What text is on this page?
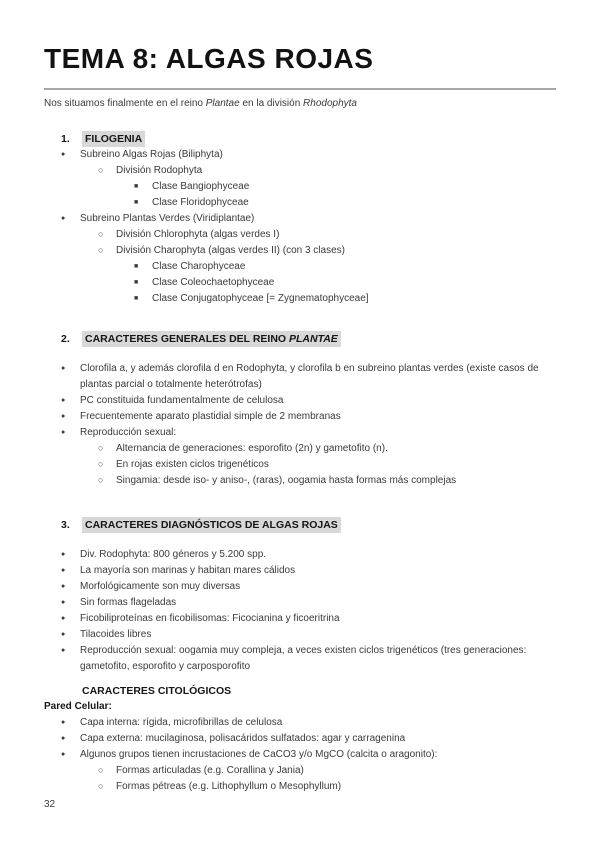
TEMA 8: ALGAS ROJAS

Nos situamos finalmente en el reino Plantae en la división Rhodophyta

1.	FILOGENIA
●
Subreino Algas Rojas (Biliphyta)
○
División Rodophyta
■
Clase Bangiophyceae
■
Clase Floridophyceae
●
Subreino Plantas Verdes (Viridiplantae)
○
División Chlorophyta (algas verdes I)
○
División Charophyta (algas verdes II) (con 3 clases)
■
Clase Charophyceae
■
Clase Coleochaetophyceae
■
Clase Conjugatophyceae [= Zygnematophyceae]
2.	CARACTERES GENERALES DEL REINO PLANTAE
●
Clorofila a, y además clorofila d en Rodophyta, y clorofila b en subreino plantas verdes (existe casos de plantas parcial o totalmente heterótrofas)
●
PC constituida fundamentalmente de celulosa
●
Frecuentemente aparato plastidial simple de 2 membranas
●
Reproducción sexual:
○
Alternancia de generaciones: esporofito (2n) y gametofito (n).
○
En rojas existen ciclos trigenéticos
○
Singamia: desde iso- y aniso-, (raras), oogamia hasta formas más complejas
3.	CARACTERES DIAGNÓSTICOS DE ALGAS ROJAS
●
Div. Rodophyta: 800 géneros y 5.200 spp.
●
La mayoría son marinas y habitan mares cálidos
●
Morfológicamente son muy diversas
●
Sin formas flageladas
●
Ficobiliproteínas en ficobilisomas: Ficocianina y ficoeritrina
●
Tilacoides libres
●
Reproducción sexual: oogamia muy compleja, a veces existen ciclos trigenéticos (tres generaciones: gametofito, esporofito y carposporofito
CARACTERES CITOLÓGICOS
Pared Celular:
●
Capa interna: rígida, microfibrillas de celulosa
●
Capa externa: mucilaginosa, polisacáridos sulfatados: agar y carragenina
●
Algunos grupos tienen incrustaciones de CaCO3 y/o MgCO (calcita o aragonito):
○
Formas articuladas (e.g. Corallina y Jania)
○
Formas pétreas (e.g. Lithophyllum o Mesophyllum)
32
